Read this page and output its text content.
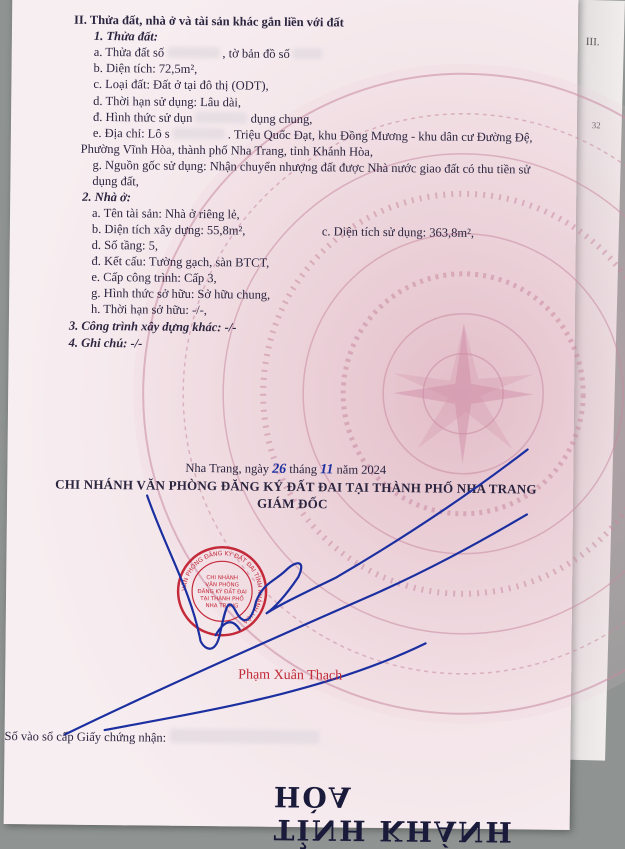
III.
II. Thửa đất, nhà ở và tài sản khác gắn liền với đất
1. Thửa đất:
a. Thửa đất số	, tờ bản đồ số
b. Diện tích: 72,5m²,
c. Loại đất: Đất ở tại đô thị (ODT),
d. Thời hạn sử dụng: Lâu dài,
đ. Hình thức sử dụn	dụng chung,
e. Địa chỉ: Lô s	. Triệu Quốc Đạt, khu Đồng Mương - khu dân cư Đường Đệ,
Phường Vĩnh Hòa, thành phố Nha Trang, tỉnh Khánh Hòa,
g. Nguồn gốc sử dụng: Nhận chuyển nhượng đất được Nhà nước giao đất có thu tiền sử
dụng đất,
2. Nhà ở:
a. Tên tài sản: Nhà ở riêng lẻ,
b. Diện tích xây dựng: 55,8m²,	c. Diện tích sử dụng: 363,8m²,
d. Số tầng: 5,
đ. Kết cấu: Tường gạch, sàn BTCT,
e. Cấp công trình: Cấp 3,
g. Hình thức sở hữu: Sở hữu chung,
h. Thời hạn sở hữu: -/-,
3. Công trình xây dựng khác: -/-
4. Ghi chú: -/-
Nha Trang, ngày 26 tháng 11 năm 2024
CHI NHÁNH VĂN PHÒNG ĐĂNG KÝ ĐẤT ĐAI TẠI THÀNH PHỐ NHA TRANG
GIÁM ĐỐC
VĂN PHÒNG ĐĂNG KÝ ĐẤT ĐAI TỈNH KHÁNH HÒA
CHI NHÁNH
VĂN PHÒNG
ĐĂNG KÝ ĐẤT ĐAI
TẠI THÀNH PHỐ
NHA TRANG
Phạm Xuân Thạch
Số vào sổ cấp Giấy chứng nhận:
TỈNH KHÁNH HÒA
